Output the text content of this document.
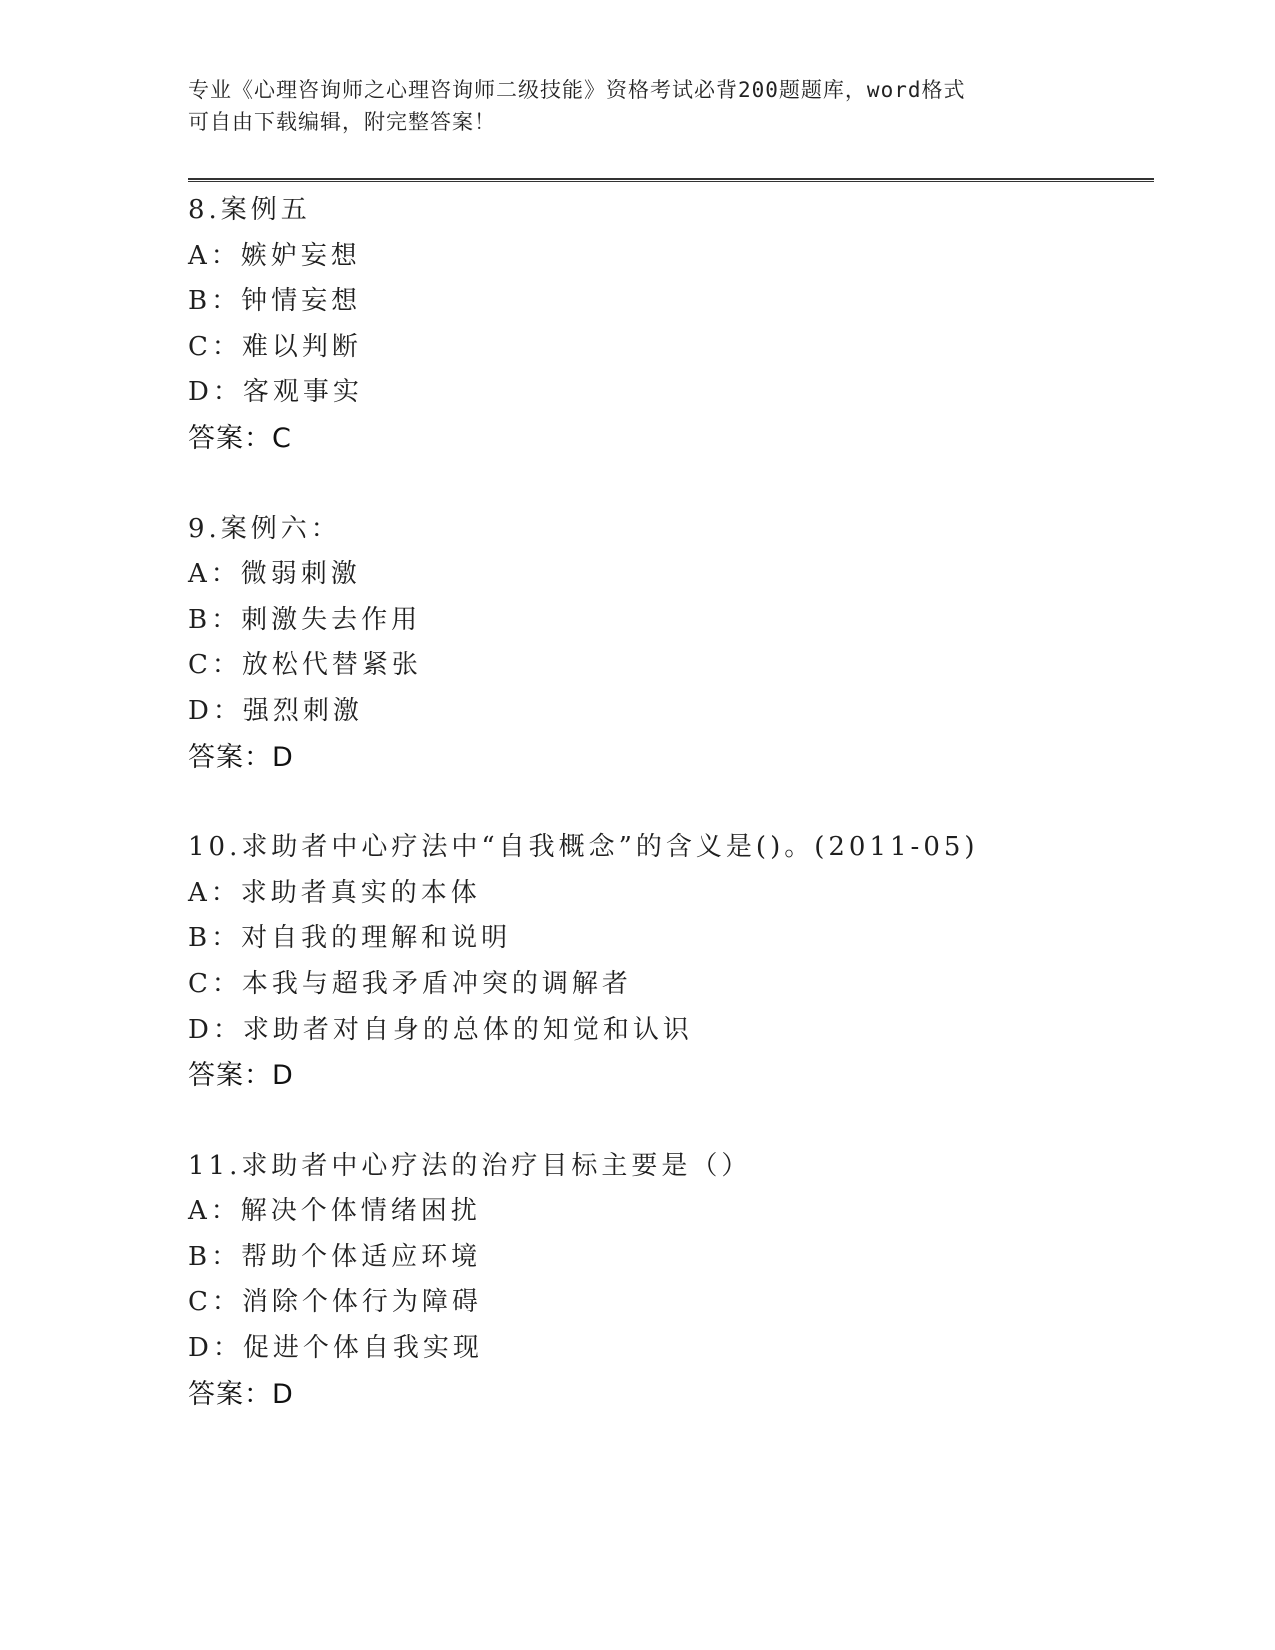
专业《心理咨询师之心理咨询师二级技能》资格考试必背200题题库，word格式
可自由下载编辑，附完整答案！
8.案例五
A：嫉妒妄想
B：钟情妄想
C：难以判断
D：客观事实
答案：C
9.案例六：
A：微弱刺激
B：刺激失去作用
C：放松代替紧张
D：强烈刺激
答案：D
10.求助者中心疗法中“自我概念”的含义是()。(2011-05)
A：求助者真实的本体
B：对自我的理解和说明
C：本我与超我矛盾冲突的调解者
D：求助者对自身的总体的知觉和认识
答案：D
11.求助者中心疗法的治疗目标主要是（）
A：解决个体情绪困扰
B：帮助个体适应环境
C：消除个体行为障碍
D：促进个体自我实现
答案：D
